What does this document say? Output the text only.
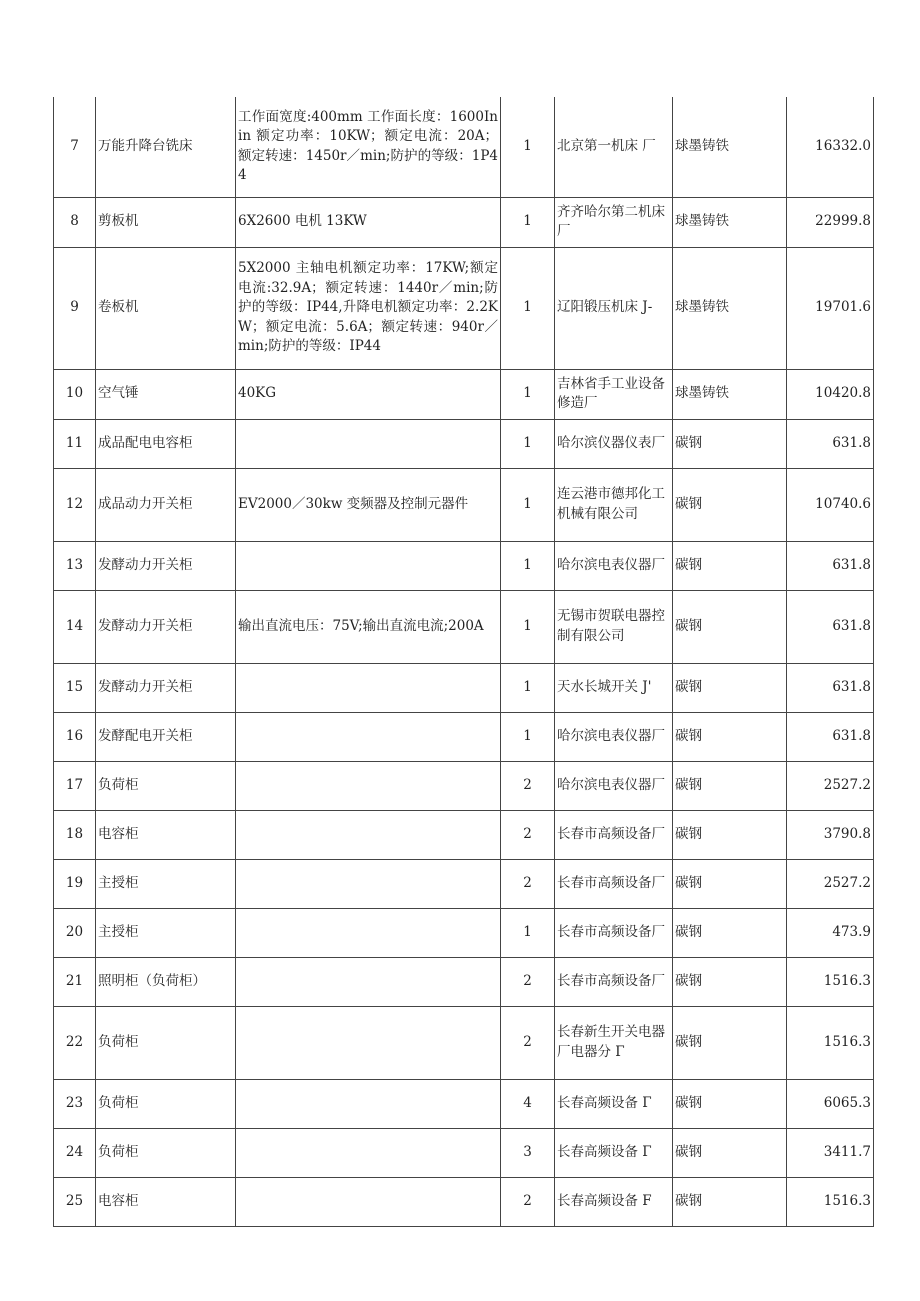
7	万能升降台铣床	工作面宽度:400mm 工作面长度：1600Inin 额定功率：10KW；额定电流：20A；额定转速：1450r／min;防护的等级：1P44	1	北京第一机床 厂	球墨铸铁	16332.0
8	剪板机	6X2600 电机 13KW	1	齐齐哈尔第二机床厂	球墨铸铁	22999.8
9	卷板机	5X2000 主轴电机额定功率：17KW;额定电流:32.9A；额定转速：1440r／min;防护的等级：IP44,升降电机额定功率：2.2KW；额定电流：5.6A；额定转速：940r／min;防护的等级：IP44	1	辽阳锻压机床 J-	球墨铸铁	19701.6
10	空气锤	40KG	1	吉林省手工业设备修造厂	球墨铸铁	10420.8
11	成品配电电容柜		1	哈尔滨仪器仪表厂	碳钢	631.8
12	成品动力开关柜	EV2000／30kw 变频器及控制元器件	1	连云港市德邦化工机械有限公司	碳钢	10740.6
13	发酵动力开关柜		1	哈尔滨电表仪器厂	碳钢	631.8
14	发酵动力开关柜	输出直流电压：75V;输出直流电流;200A	1	无锡市贺联电器控制有限公司	碳钢	631.8
15	发酵动力开关柜		1	天水长城开关 J'	碳钢	631.8
16	发酵配电开关柜		1	哈尔滨电表仪器厂	碳钢	631.8
17	负荷柜		2	哈尔滨电表仪器厂	碳钢	2527.2
18	电容柜		2	长春市高频设备厂	碳钢	3790.8
19	主授柜		2	长春市高频设备厂	碳钢	2527.2
20	主授柜		1	长春市高频设备厂	碳钢	473.9
21	照明柜（负荷柜）		2	长春市高频设备厂	碳钢	1516.3
22	负荷柜		2	长春新生开关电器厂电器分 Γ	碳钢	1516.3
23	负荷柜		4	长春高频设备 Γ	碳钢	6065.3
24	负荷柜		3	长春高频设备 Γ	碳钢	3411.7
25	电容柜		2	长春高频设备 F	碳钢	1516.3
